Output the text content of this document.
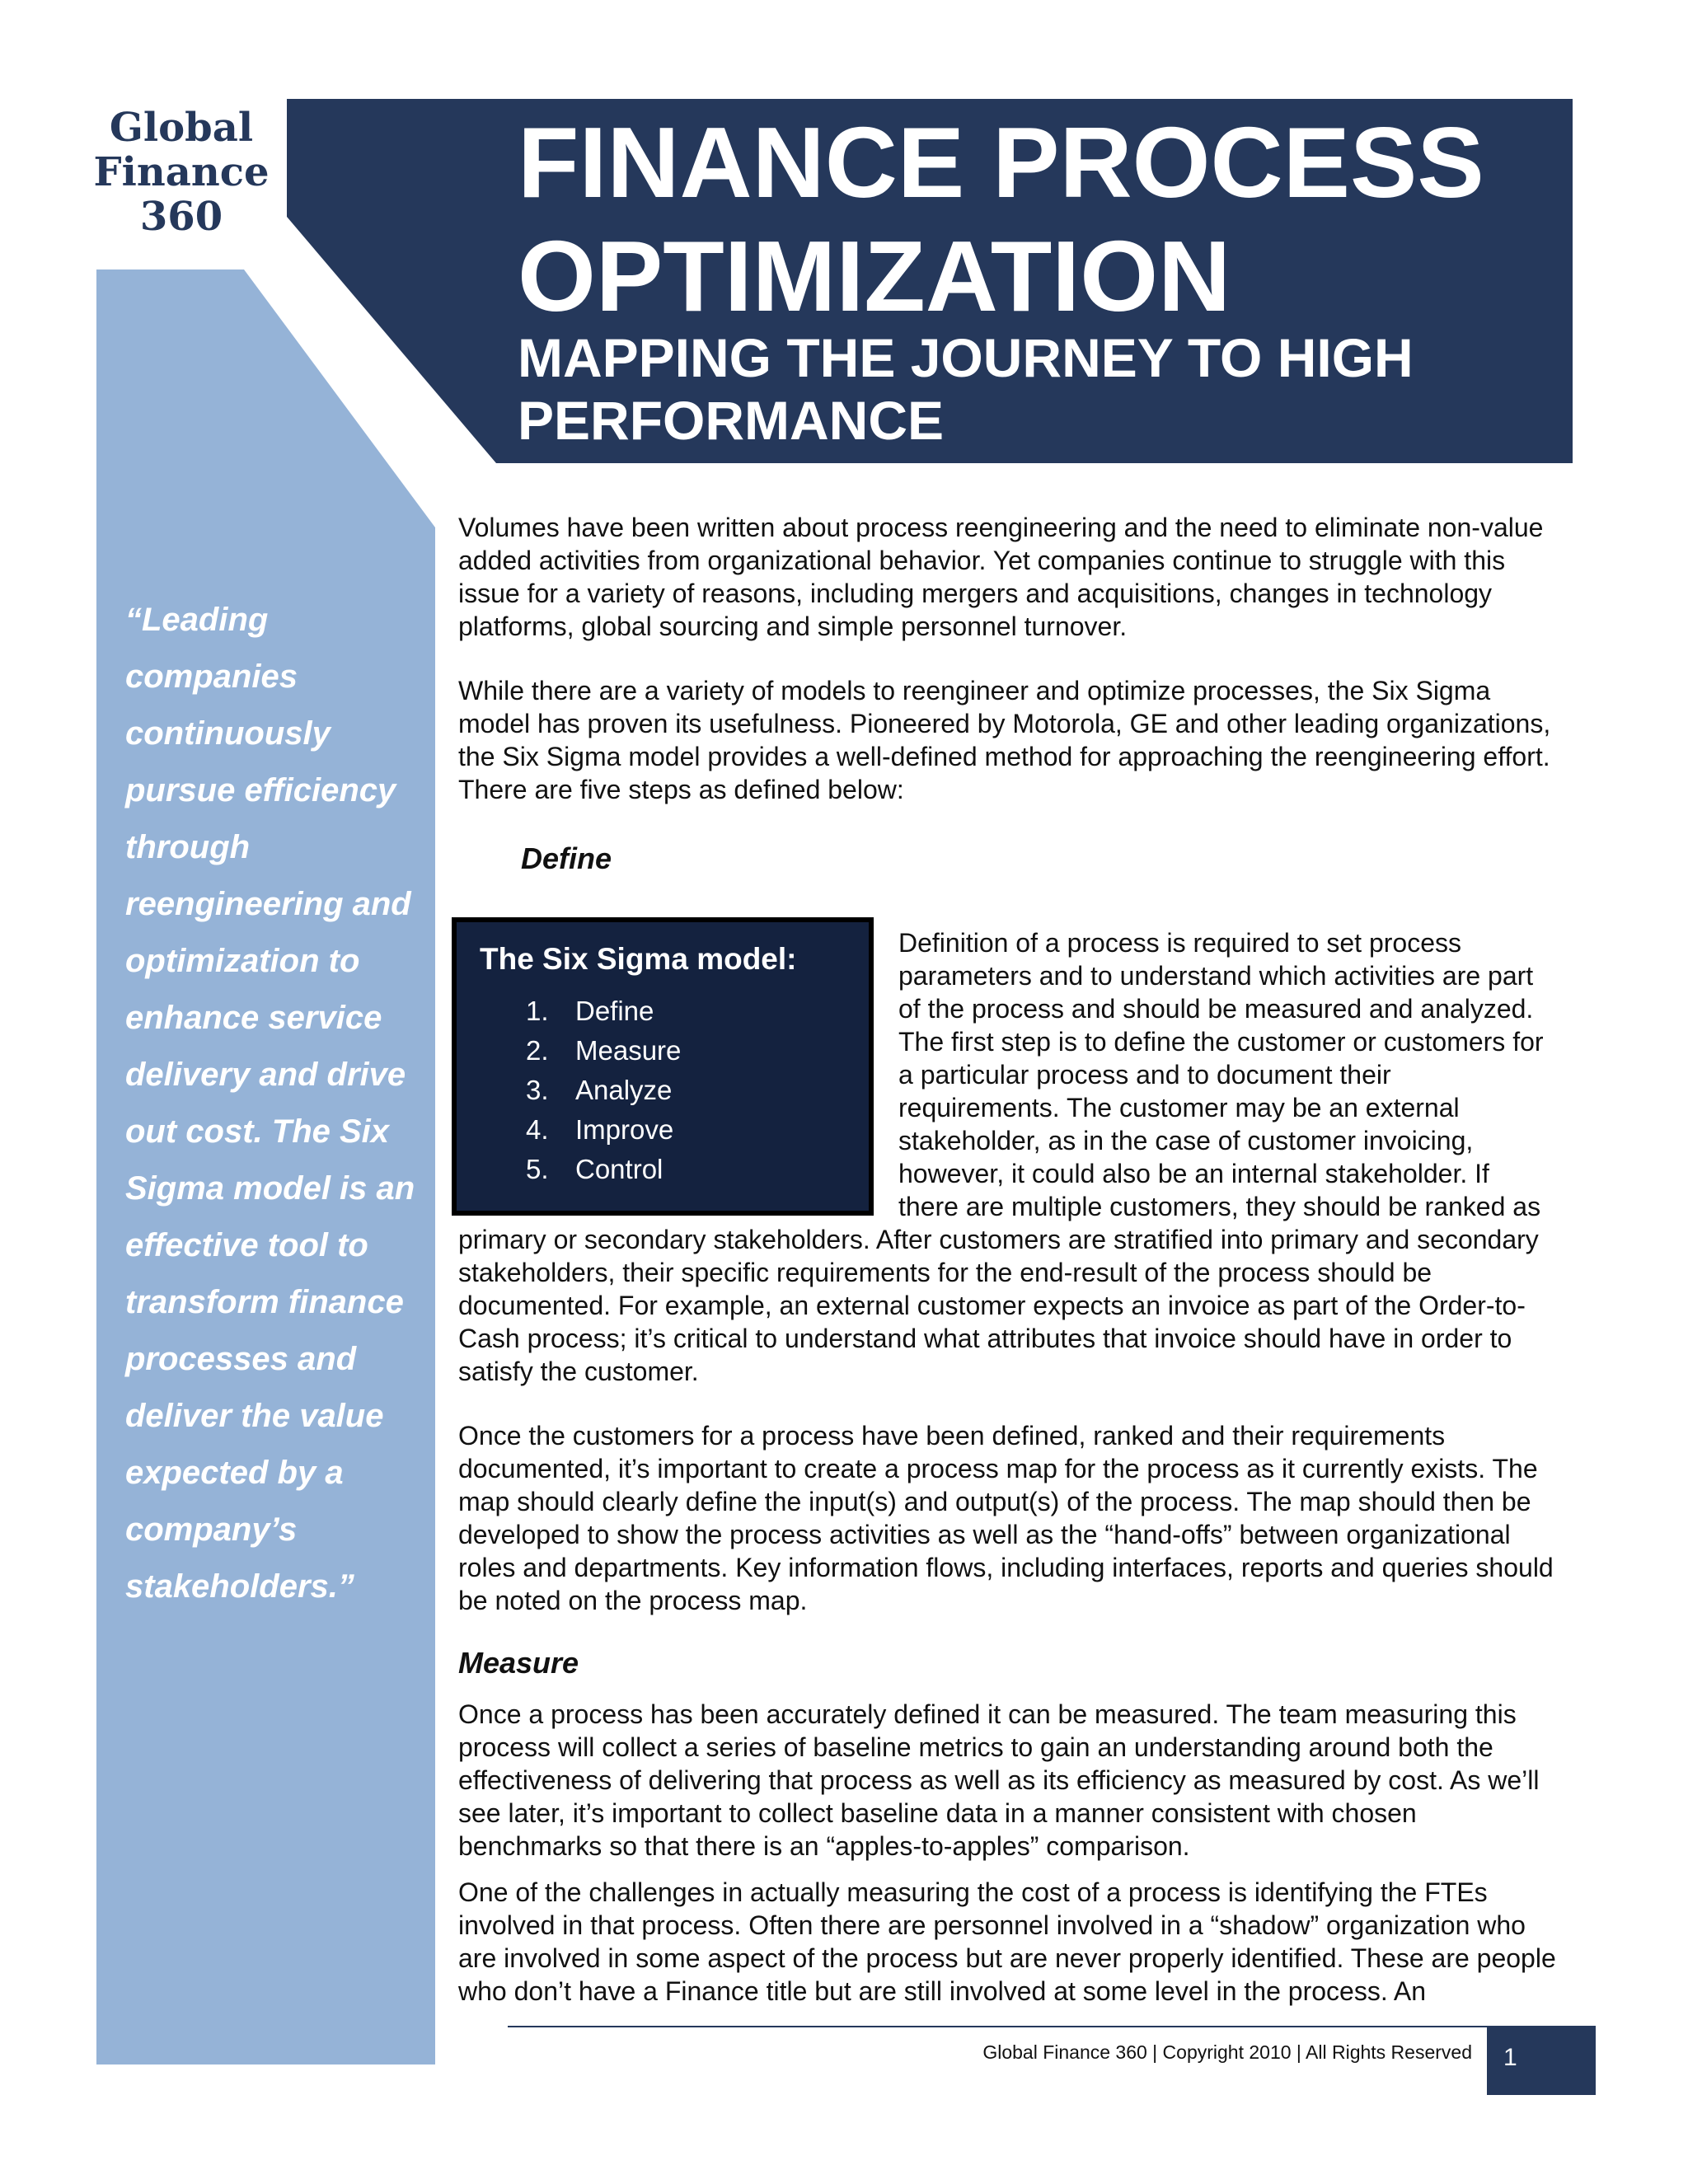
Global
Finance
360	FINANCE PROCESS OPTIMIZATION
MAPPING THE JOURNEY TO HIGH PERFORMANCE
“Leading companies continuously pursue efficiency through reengineering and optimization to enhance service delivery and drive out cost. The Six Sigma model is an effective tool to transform finance processes and deliver the value expected by a company’s stakeholders.”

Volumes have been written about process reengineering and the need to eliminate non-value added activities from organizational behavior. Yet companies continue to struggle with this issue for a variety of reasons, including mergers and acquisitions, changes in technology platforms, global sourcing and simple personnel turnover.

While there are a variety of models to reengineer and optimize processes, the Six Sigma model has proven its usefulness. Pioneered by Motorola, GE and other leading organizations, the Six Sigma model provides a well-defined method for approaching the reengineering effort. There are five steps as defined below:

Define
The Six Sigma model:
1. Define
2. Measure
3. Analyze
4. Improve
5. Control
Definition of a process is required to set process
parameters and to understand which activities are part
of the process and should be measured and analyzed.
The first step is to define the customer or customers for
a particular process and to document their
requirements. The customer may be an external
stakeholder, as in the case of customer invoicing,
however, it could also be an internal stakeholder. If
there are multiple customers, they should be ranked as

primary or secondary stakeholders. After customers are stratified into primary and secondary stakeholders, their specific requirements for the end-result of the process should be documented. For example, an external customer expects an invoice as part of the Order-to-Cash process; it’s critical to understand what attributes that invoice should have in order to satisfy the customer.

Once the customers for a process have been defined, ranked and their requirements documented, it’s important to create a process map for the process as it currently exists. The map should clearly define the input(s) and output(s) of the process. The map should then be developed to show the process activities as well as the “hand-offs” between organizational roles and departments. Key information flows, including interfaces, reports and queries should be noted on the process map.

Measure

Once a process has been accurately defined it can be measured. The team measuring this process will collect a series of baseline metrics to gain an understanding around both the effectiveness of delivering that process as well as its efficiency as measured by cost. As we’ll see later, it’s important to collect baseline data in a manner consistent with chosen benchmarks so that there is an “apples-to-apples” comparison.

One of the challenges in actually measuring the cost of a process is identifying the FTEs involved in that process. Often there are personnel involved in a “shadow” organization who are involved in some aspect of the process but are never properly identified. These are people who don’t have a Finance title but are still involved at some level in the process. An

Global Finance 360 | Copyright 2010 | All Rights Reserved 1
